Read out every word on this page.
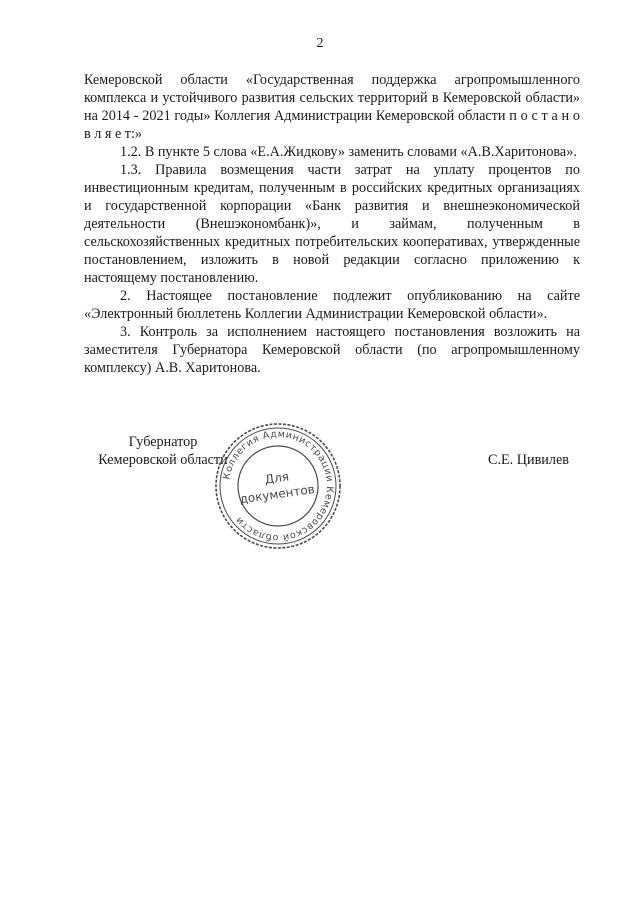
2

Кемеровской области «Государственная поддержка агропромышленного комплекса и устойчивого развития сельских территорий в Кемеровской области» на 2014 - 2021 годы» Коллегия Администрации Кемеровской области п о с т а н о в л я е т:»

1.2. В пункте 5 слова «Е.А.Жидкову» заменить словами «А.В.Харитонова».

1.3. Правила возмещения части затрат на уплату процентов по инвестиционным кредитам, полученным в российских кредитных организациях и государственной корпорации «Банк развития и внешнеэкономической деятельности (Внешэкономбанк)», и займам, полученным в сельскохозяйственных кредитных потребительских кооперативах, утвержденные постановлением, изложить в новой редакции согласно приложению к настоящему постановлению.

2. Настоящее постановление подлежит опубликованию на сайте «Электронный бюллетень Коллегии Администрации Кемеровской области».

3. Контроль за исполнением настоящего постановления возложить на заместителя Губернатора Кемеровской области (по агропромышленному комплексу) А.В. Харитонова.

Губернатор
Кемеровской области
Коллегия Администрации Кемеровской области
Для
документов
С.Е. Цивилев
